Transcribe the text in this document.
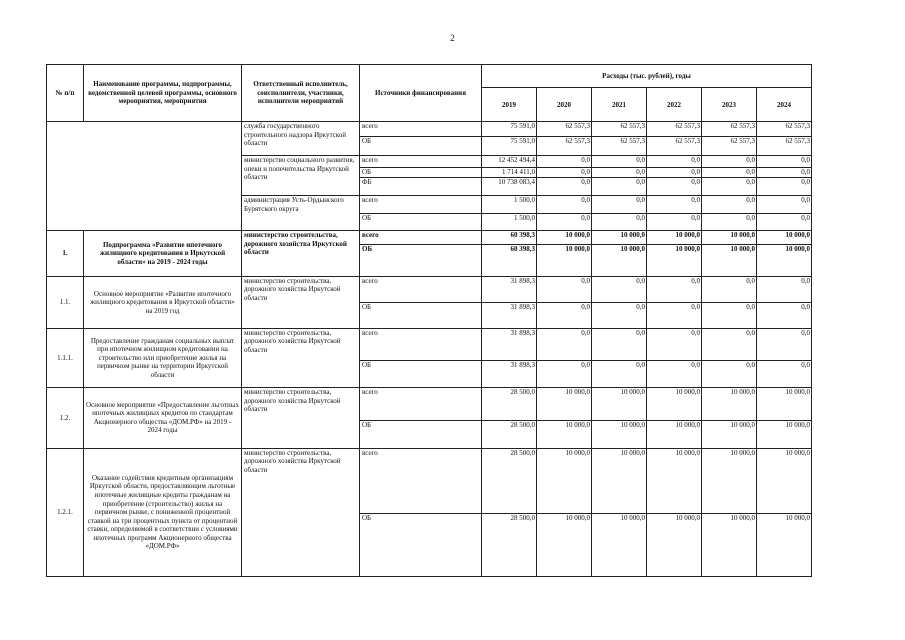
2
№ п/п	Наименование программы, подпрограммы, ведомственной целевой программы, основного мероприятия, мероприятия	Ответственный исполнитель, соисполнители, участники, исполнители мероприятий	Источники финансирования	Расходы (тыс. рублей), годы					
				2019	2020	2021	2022	2023	2024
		служба государственного строительного надзора Иркутской области	всего	75 591,0	62 557,3	62 557,3	62 557,3	62 557,3	62 557,3
			ОБ	75 591,0	62 557,3	62 557,3	62 557,3	62 557,3	62 557,3
		министерство социального развития, опеки и попечительства Иркутской области	всего	12 452 494,4	0,0	0,0	0,0	0,0	0,0
			ОБ	1 714 411,0	0,0	0,0	0,0	0,0	0,0
			ФБ	10 738 083,4	0,0	0,0	0,0	0,0	0,0
		администрация Усть-Ордынского Бурятского округа	всего	1 500,0	0,0	0,0	0,0	0,0	0,0
			ОБ	1 500,0	0,0	0,0	0,0	0,0	0,0
1.	Подпрограмма «Развитие ипотечного жилищного кредитования в Иркутской области» на 2019 - 2024 годы	министерство строительства, дорожного хозяйства Иркутской области	всего	60 398,3	10 000,0	10 000,0	10 000,0	10 000,0	10 000,0
			ОБ	60 398,3	10 000,0	10 000,0	10 000,0	10 000,0	10 000,0
1.1.	Основное мероприятие «Развитие ипотечного жилищного кредитования в Иркутской области» на 2019 год	министерство строительства, дорожного хозяйства Иркутской области	всего	31 898,3	0,0	0,0	0,0	0,0	0,0
			ОБ	31 898,3	0,0	0,0	0,0	0,0	0,0
1.1.1.	Предоставление гражданам социальных выплат при ипотечном жилищном кредитовании на строительство или приобретение жилья на первичном рынке на территории Иркутской области	министерство строительства, дорожного хозяйства Иркутской области	всего	31 898,3	0,0	0,0	0,0	0,0	0,0
			ОБ	31 898,3	0,0	0,0	0,0	0,0	0,0
1.2.	Основное мероприятие «Предоставление льготных ипотечных жилищных кредитов по стандартам Акционерного общества «ДОМ.РФ» на 2019 - 2024 годы	министерство строительства, дорожного хозяйства Иркутской области	всего	28 500,0	10 000,0	10 000,0	10 000,0	10 000,0	10 000,0
			ОБ	28 500,0	10 000,0	10 000,0	10 000,0	10 000,0	10 000,0
1.2.1.	Оказание содействия кредитным организациям Иркутской области, предоставляющим льготные ипотечные жилищные кредиты гражданам на приобретение (строительство) жилья на первичном рынке, с пониженной процентной ставкой на три процентных пункта от процентной ставки, определяемой в соответствии с условиями ипотечных программ Акционерного общества «ДОМ.РФ»	министерство строительства, дорожного хозяйства Иркутской области	всего	28 500,0	10 000,0	10 000,0	10 000,0	10 000,0	10 000,0
			ОБ	28 500,0	10 000,0	10 000,0	10 000,0	10 000,0	10 000,0
